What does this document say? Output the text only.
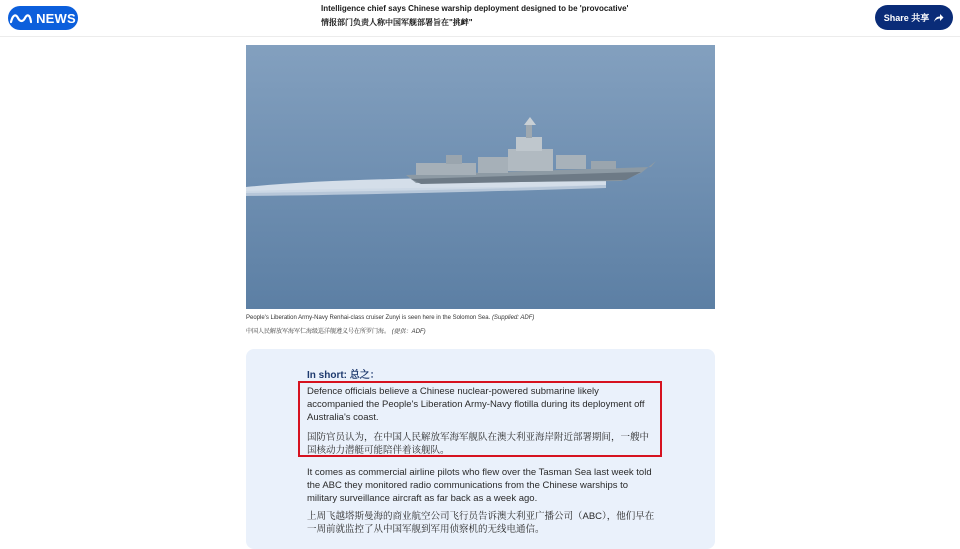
NEWS
Intelligence chief says Chinese warship deployment designed to be 'provocative'
情报部门负责人称中国军舰部署旨在"挑衅"	Share 共享
People's Liberation Army-Navy Renhai-class cruiser Zunyi is seen here in the Solomon Sea. (Supplied: ADF)
中国人民解放军海军仁海级巡洋舰遵义号在所罗门海。 (提供：ADF)
In short: 总之：
Defence officials believe a Chinese nuclear-powered submarine likely accompanied the People's Liberation Army-Navy flotilla during its deployment off Australia's coast.
国防官员认为，在中国人民解放军海军舰队在澳大利亚海岸附近部署期间，一艘中国核动力潜艇可能陪伴着该舰队。
It comes as commercial airline pilots who flew over the Tasman Sea last week told the ABC they monitored radio communications from the Chinese warships to military surveillance aircraft as far back as a week ago.
上周飞越塔斯曼海的商业航空公司飞行员告诉澳大利亚广播公司（ABC），他们早在一周前就监控了从中国军舰到军用侦察机的无线电通信。
